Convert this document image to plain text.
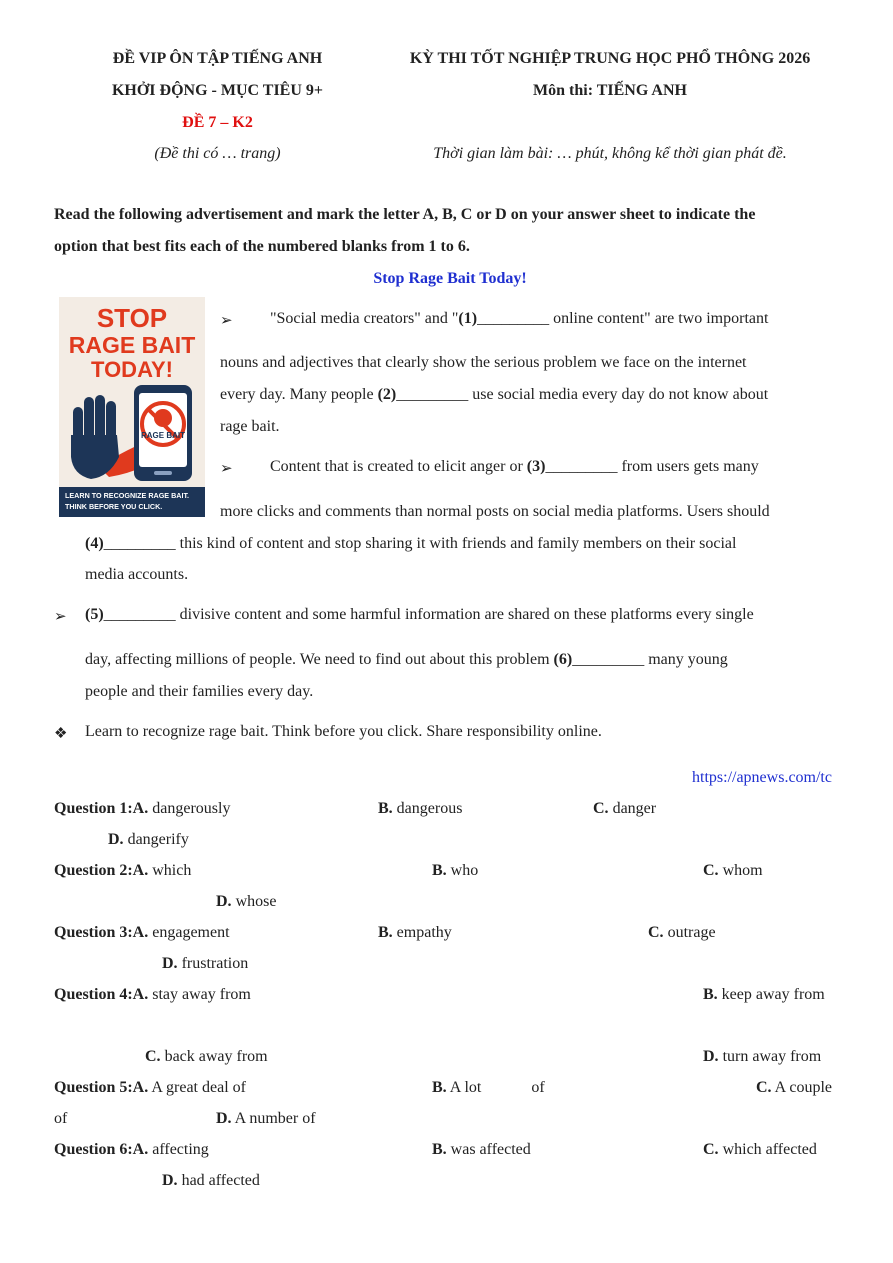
ĐỀ VIP ÔN TẬP TIẾNG ANH
KHỞI ĐỘNG - MỤC TIÊU 9+
ĐỀ 7 – K2
(Đề thi có … trang)
KỲ THI TỐT NGHIỆP TRUNG HỌC PHỔ THÔNG 2026
Môn thi: TIẾNG ANH
Thời gian làm bài: … phút, không kể thời gian phát đề.
Read the following advertisement and mark the letter A, B, C or D on your answer sheet to indicate the
option that best fits each of the numbered blanks from 1 to 6.
Stop Rage Bait Today!
STOP
RAGE BAIT
TODAY!
RAGE BAIT
LEARN TO RECOGNIZE RAGE BAIT.
THINK BEFORE YOU CLICK.
➢ "Social media creators" and "(1)_________ online content" are two important
nouns and adjectives that clearly show the serious problem we face on the internet
every day. Many people (2)_________ use social media every day do not know about
rage bait.
➢ Content that is created to elicit anger or (3)_________ from users gets many
more clicks and comments than normal posts on social media platforms. Users should
(4)_________ this kind of content and stop sharing it with friends and family members on their social
media accounts.
➢ (5)_________ divisive content and some harmful information are shared on these platforms every single
day, affecting millions of people. We need to find out about this problem (6)_________ many young
people and their families every day.
❖ Learn to recognize rage bait. Think before you click. Share responsibility online.
https://apnews.com/tc
Question 1:A. dangerously	B. dangerous	C. danger
D. dangerify
Question 2:A. which	B. who	C. whom
D. whose
Question 3:A. engagement	B. empathy	C. outrage
D. frustration
Question 4:A. stay away from	B. keep away from
C. back away from	D. turn away from
Question 5:A. A great deal of	B. A lot	of	C. A couple
of	D. A number of
Question 6:A. affecting	B. was affected	C. which affected
D. had affected
